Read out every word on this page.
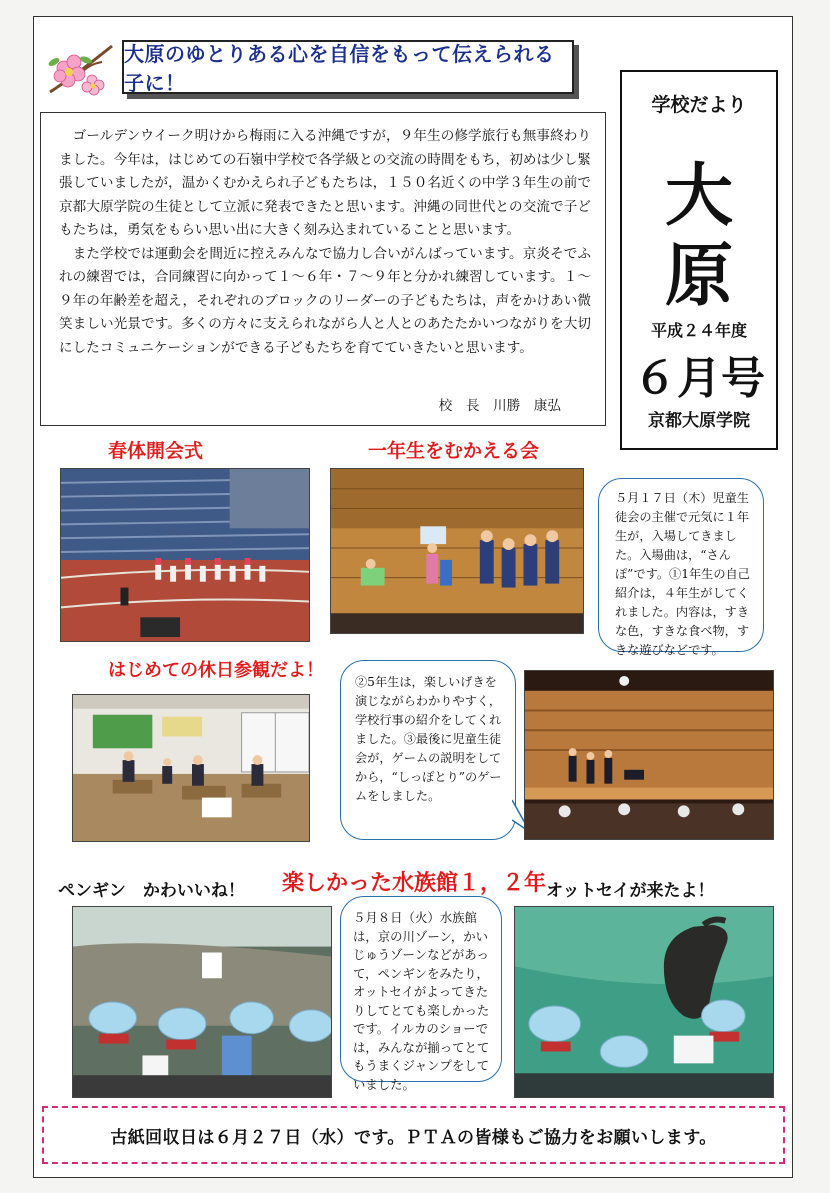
大原のゆとりある心を自信をもって伝えられる子に！
学校だより
大
原
平成２４年度
６月号
京都大原学院

ゴールデンウイーク明けから梅雨に入る沖縄ですが，９年生の修学旅行も無事終わりました。今年は，はじめての石嶺中学校で各学級との交流の時間をもち，初めは少し緊張していましたが，温かくむかえられ子どもたちは，１５０名近くの中学３年生の前で京都大原学院の生徒として立派に発表できたと思います。沖縄の同世代との交流で子どもたちは，勇気をもらい思い出に大きく刻み込まれていることと思います。

また学校では運動会を間近に控えみんなで協力し合いがんばっています。京炎そでふれの練習では，合同練習に向かって１～６年・７～９年と分かれ練習しています。１～９年の年齢差を超え，それぞれのブロックのリーダーの子どもたちは，声をかけあい微笑ましい光景です。多くの方々に支えられながら人と人とのあたたかいつながりを大切にしたコミュニケーションができる子どもたちを育てていきたいと思います。

校　長　川勝　康弘
春体開会式	一年生をむかえる会
はじめての休日参観だよ！
５月１７日（木）児童生徒会の主催で元気に１年生が，入場してきました。入場曲は，“さんぽ”です。①1年生の自己紹介は，４年生がしてくれました。内容は，すきな色，すきな食べ物，すきな遊びなどです。
②5年生は，楽しいげきを演じながらわかりやすく，学校行事の紹介をしてくれました。③最後に児童生徒会が，ゲームの説明をしてから，“しっぽとり”のゲームをしました。
ペンギン　かわいいね！ 楽しかった水族館１，２年 オットセイが来たよ！
５月８日（火）水族館は，京の川ゾーン，かいじゅうゾーンなどがあって，ペンギンをみたり，オットセイがよってきたりしてとても楽しかったです。イルカのショーでは，みんなが揃ってとてもうまくジャンプをしていました。
古紙回収日は６月２７日（水）です。ＰＴＡの皆様もご協力をお願いします。
